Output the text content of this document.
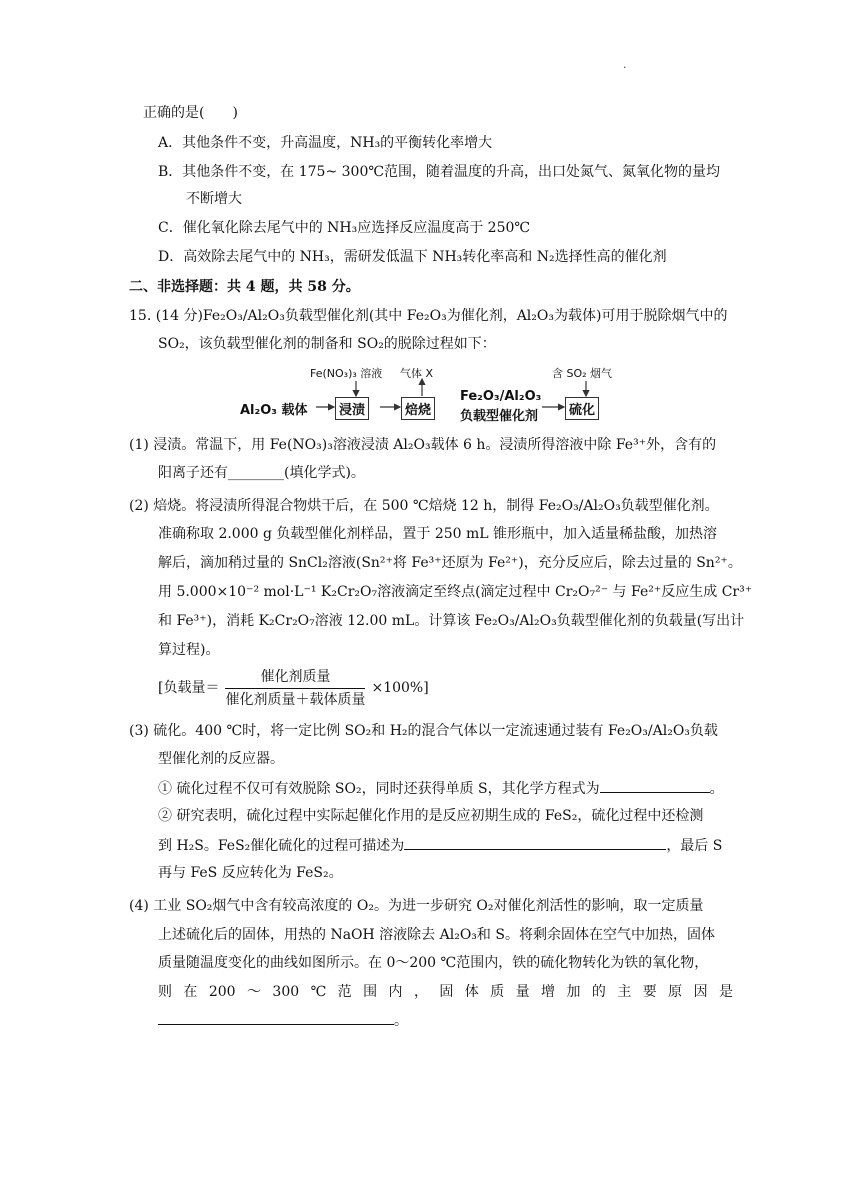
.
正确的是(　　)
A．其他条件不变，升高温度，NH₃的平衡转化率增大
B．其他条件不变，在 175~ 300℃范围，随着温度的升高，出口处氮气、氮氧化物的量均
不断增大
C．催化氧化除去尾气中的 NH₃应选择反应温度高于 250℃
D．高效除去尾气中的 NH₃，需研发低温下 NH₃转化率高和 N₂选择性高的催化剂
二、非选择题：共 4 题，共 58 分。
15. (14 分)Fe₂O₃/Al₂O₃负载型催化剂(其中 Fe₂O₃为催化剂，Al₂O₃为载体)可用于脱除烟气中的
SO₂，该负载型催化剂的制备和 SO₂的脱除过程如下：
Fe(NO₃)₃ 溶液 气体 X	含 SO₂ 烟气
Al₂O₃ 载体	浸渍	焙烧
Fe₂O₃/Al₂O₃
负载型催化剂	硫化
(1) 浸渍。常温下，用 Fe(NO₃)₃溶液浸渍 Al₂O₃载体 6 h。浸渍所得溶液中除 Fe³⁺外，含有的
阳离子还有________(填化学式)。
(2) 焙烧。将浸渍所得混合物烘干后，在 500 ℃焙烧 12 h，制得 Fe₂O₃/Al₂O₃负载型催化剂。
准确称取 2.000 g 负载型催化剂样品，置于 250 mL 锥形瓶中，加入适量稀盐酸，加热溶
解后，滴加稍过量的 SnCl₂溶液(Sn²⁺将 Fe³⁺还原为 Fe²⁺)，充分反应后，除去过量的 Sn²⁺。
用 5.000×10⁻² mol·L⁻¹ K₂Cr₂O₇溶液滴定至终点(滴定过程中 Cr₂O₇²⁻ 与 Fe²⁺反应生成 Cr³⁺
和 Fe³⁺)，消耗 K₂Cr₂O₇溶液 12.00 mL。计算该 Fe₂O₃/Al₂O₃负载型催化剂的负载量(写出计
算过程)。
[负载量＝ $\frac{\text{催化剂质量}}{\text{催化剂质量＋载体质量}} \times 100\%$]
(3) 硫化。400 ℃时，将一定比例 SO₂和 H₂的混合气体以一定流速通过装有 Fe₂O₃/Al₂O₃负载
型催化剂的反应器。
① 硫化过程不仅可有效脱除 SO₂，同时还获得单质 S，其化学方程式为	。
② 研究表明，硫化过程中实际起催化作用的是反应初期生成的 FeS₂，硫化过程中还检测
到 H₂S。FeS₂催化硫化的过程可描述为	，最后 S
再与 FeS 反应转化为 FeS₂。
(4) 工业 SO₂烟气中含有较高浓度的 O₂。为进一步研究 O₂对催化剂活性的影响，取一定质量
上述硫化后的固体，用热的 NaOH 溶液除去 Al₂O₃和 S。将剩余固体在空气中加热，固体
质量随温度变化的曲线如图所示。在 0～200 ℃范围内，铁的硫化物转化为铁的氧化物，
则 在 200 ～ 300 ℃ 范 围 内 ， 固 体 质 量 增 加 的 主 要 原 因 是
。
